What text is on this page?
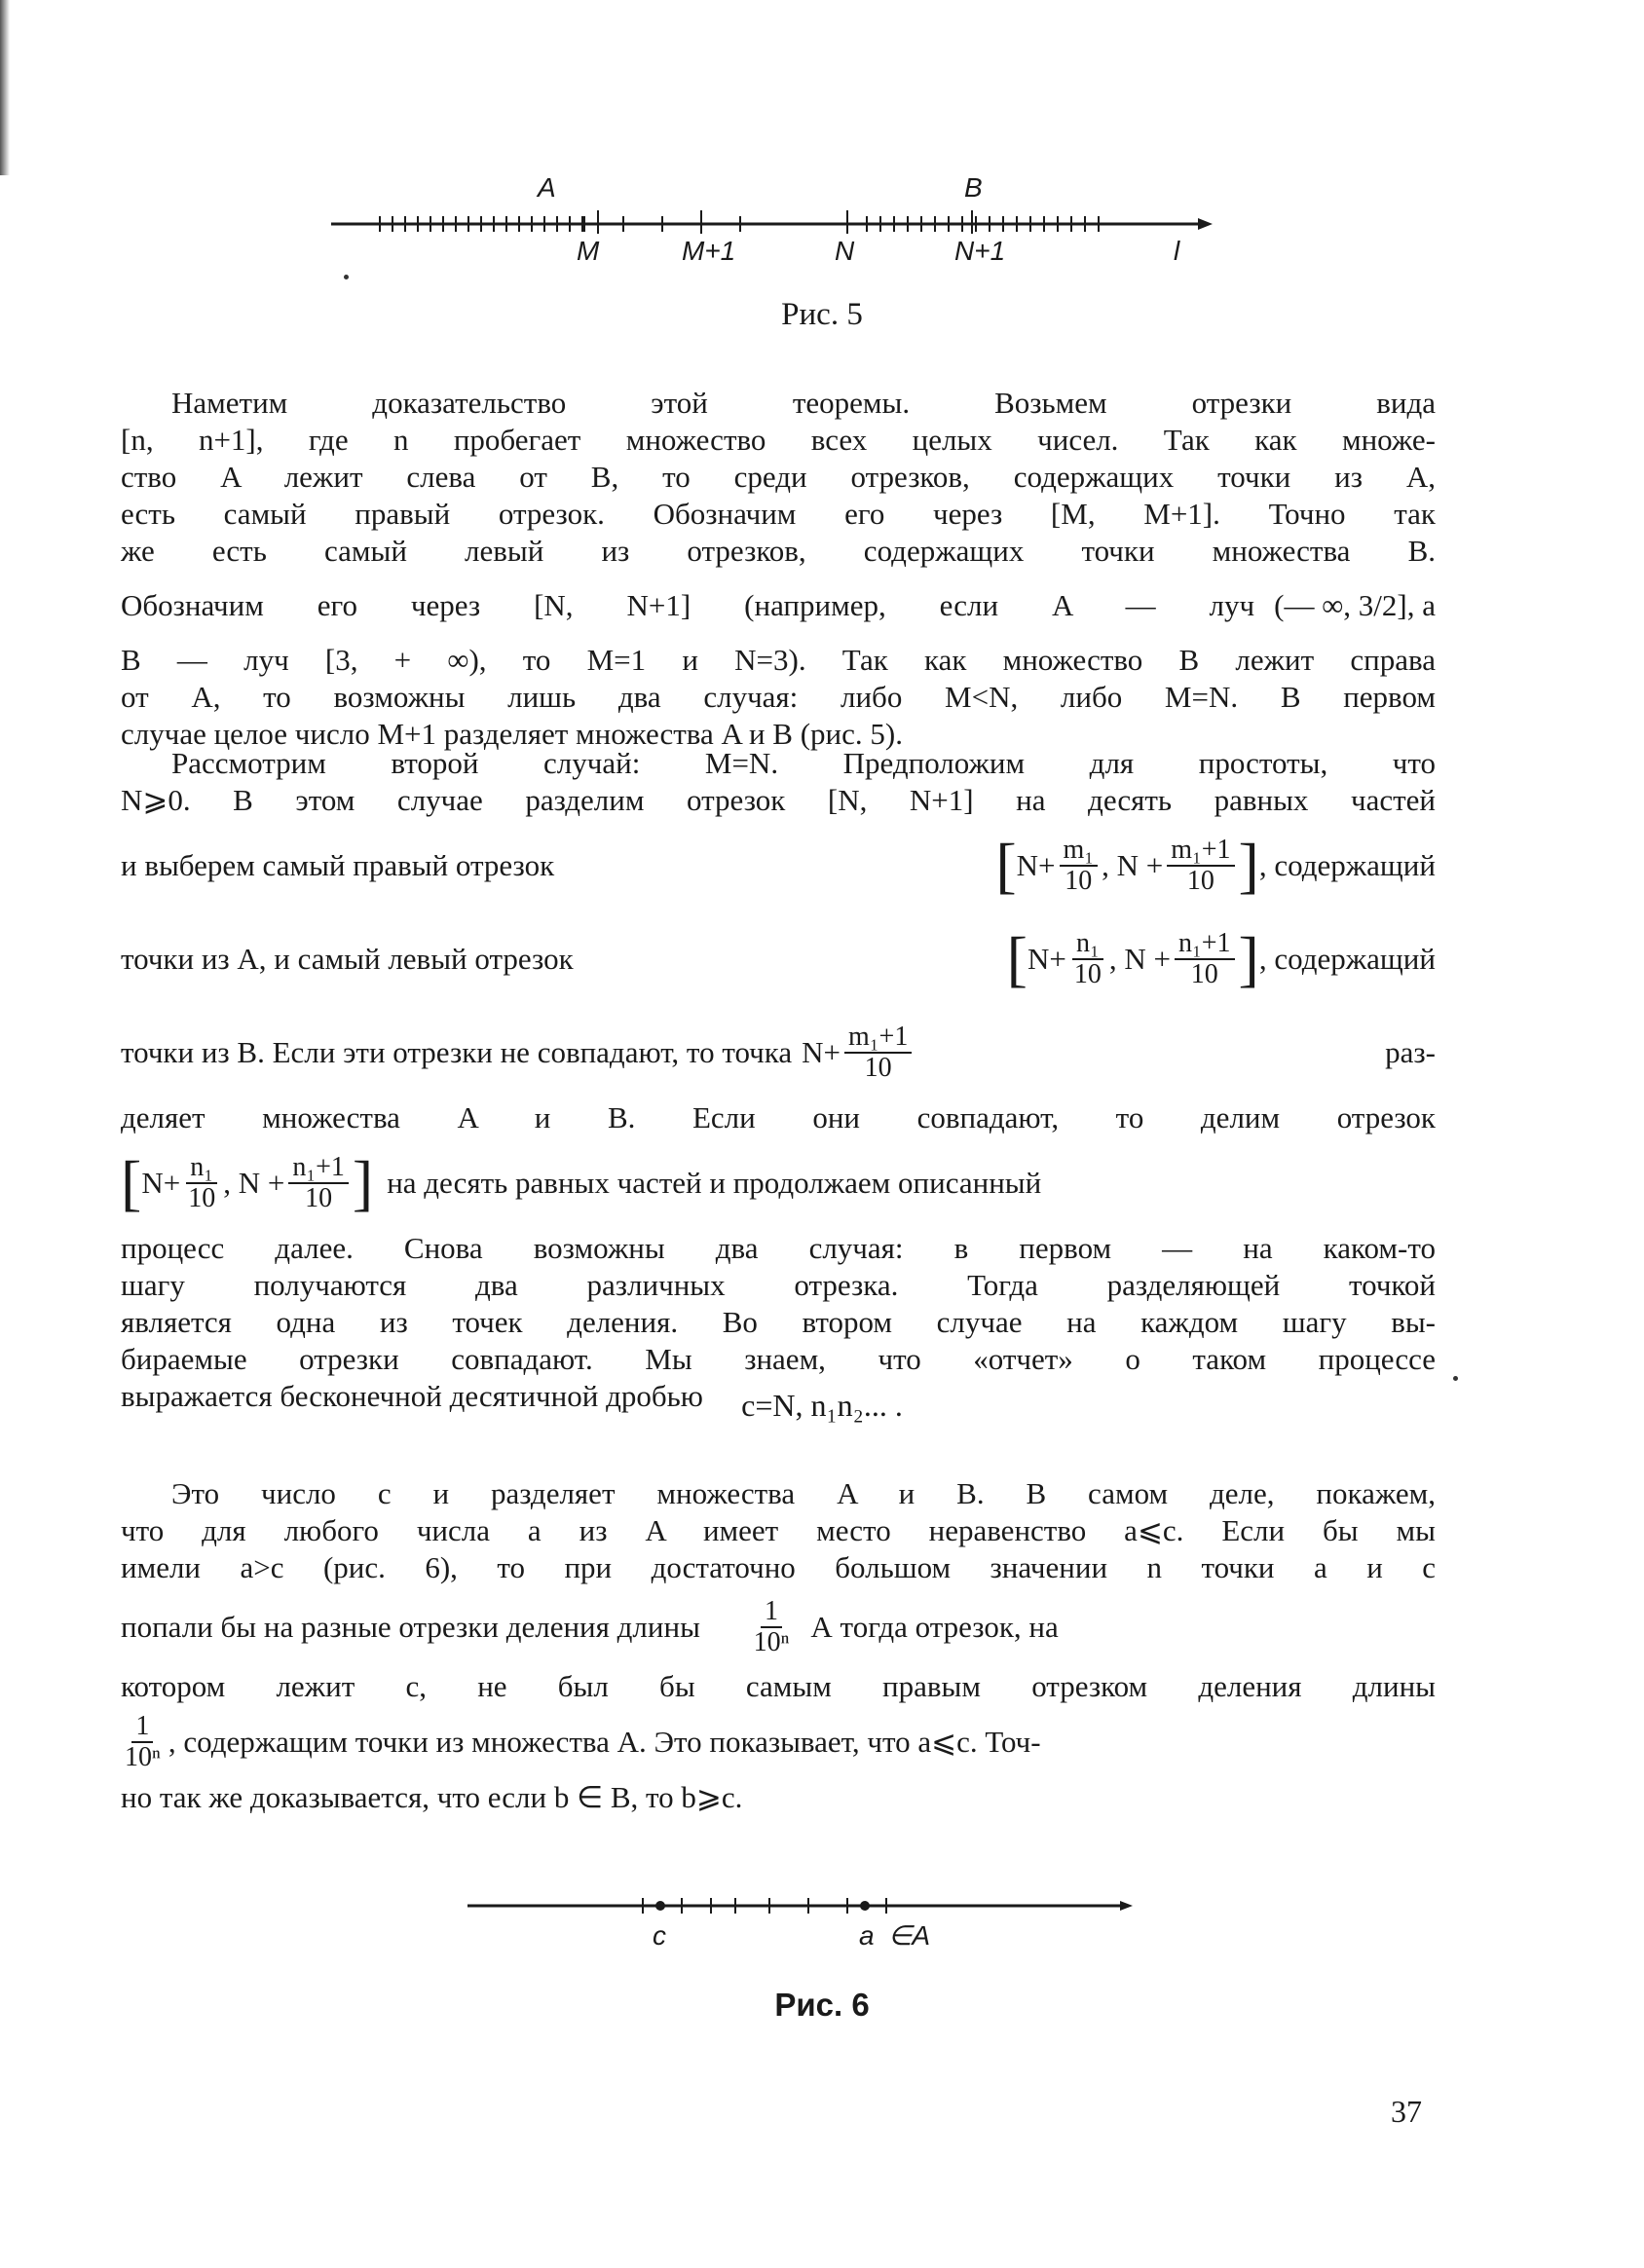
A	B
M	M+1	N	N+1	l
Рис. 5
Наметим доказательство этой теоремы. Возьмем отрезки вида
[n, n+1], где n пробегает множество всех целых чисел. Так как множе-
ство A лежит слева от B, то среди отрезков, содержащих точки из A,
есть самый правый отрезок. Обозначим его через [M, M+1]. Точно так
же есть самый левый из отрезков, содержащих точки множества B.
Обозначим его через [N, N+1] (например, если A — луч (— ∞, 3/2], а
B — луч [3, + ∞), то M=1 и N=3). Так как множество B лежит справа
от A, то возможны лишь два случая: либо M<N, либо M=N. В первом
случае целое число M+1 разделяет множества A и B (рис. 5).
Рассмотрим второй случай: M=N. Предположим для простоты, что
N⩾0. В этом случае разделим отрезок [N, N+1] на десять равных частей
и выберем самый правый отрезок	[ $N+ \frac{\text{m₁}}{10}$ , $N + \frac{\text{m₁+1}}{10}$ ] , содержащий
точки из A, и самый левый отрезок	[ $N+ \frac{\text{n₁}}{10}$ , $N + \frac{\text{n₁+1}}{10}$ ] , содержащий
точки из B. Если эти отрезки не совпадают, то точка $N+ \frac{\text{m₁+1}}{10}$	раз-
деляет множества A и B. Если они совпадают, то делим отрезок
[ $N+ \frac{\text{n₁}}{10}$ , $N + \frac{\text{n₁+1}}{10}$ ] на десять равных частей и продолжаем описанный
процесс далее. Снова возможны два случая: в первом — на каком-то
шагу получаются два различных отрезка. Тогда разделяющей точкой
является одна из точек деления. Во втором случае на каждом шагу вы-
бираемые отрезки совпадают. Мы знаем, что «отчет» о таком процессе
выражается бесконечной десятичной дробью	c=N, n₁n₂... .
Это число c и разделяет множества A и B. В самом деле, покажем,
что для любого числа a из A имеет место неравенство a⩽c. Если бы мы
имели a>c (рис. 6), то при достаточно большом значении n точки a и c
попали бы на разные отрезки деления длины $\frac{1}{\text{10ⁿ}}$ А тогда отрезок, на
котором лежит c, не был бы самым правым отрезком деления длины
$\frac{1}{\text{10ⁿ}}$ , содержащим точки из множества A. Это показывает, что a⩽c. Точ-
но так же доказывается, что если b ∈ B, то b⩾c.
c	a ∈A
Рис. 6
37
